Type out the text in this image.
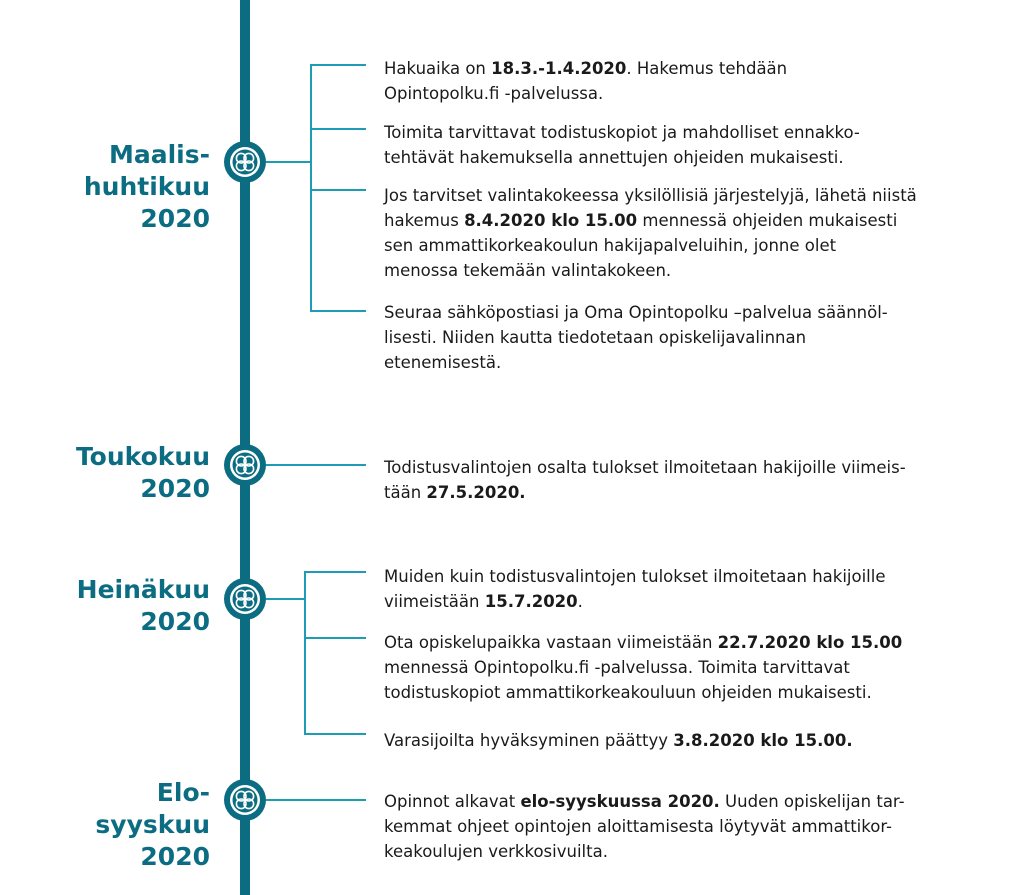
Maalis-
huhtikuu
2020
Hakuaika on 18.3.-1.4.2020. Hakemus tehdään
Opintopolku.fi -palvelussa.
Toimita tarvittavat todistuskopiot ja mahdolliset ennakko-
tehtävät hakemuksella annettujen ohjeiden mukaisesti.
Jos tarvitset valintakokeessa yksilöllisiä järjestelyjä, lähetä niistä
hakemus 8.4.2020 klo 15.00 mennessä ohjeiden mukaisesti
sen ammattikorkeakoulun hakijapalveluihin, jonne olet
menossa tekemään valintakokeen.
Seuraa sähköpostiasi ja Oma Opintopolku –palvelua säännöl-
lisesti. Niiden kautta tiedotetaan opiskelijavalinnan
etenemisestä.
Toukokuu
2020
Todistusvalintojen osalta tulokset ilmoitetaan hakijoille viimeis-
tään 27.5.2020.
Heinäkuu
2020
Muiden kuin todistusvalintojen tulokset ilmoitetaan hakijoille
viimeistään 15.7.2020.
Ota opiskelupaikka vastaan viimeistään 22.7.2020 klo 15.00
mennessä Opintopolku.fi -palvelussa. Toimita tarvittavat
todistuskopiot ammattikorkeakouluun ohjeiden mukaisesti.
Varasijoilta hyväksyminen päättyy 3.8.2020 klo 15.00.
Elo-
syyskuu
2020
Opinnot alkavat elo-syyskuussa 2020. Uuden opiskelijan tar-
kemmat ohjeet opintojen aloittamisesta löytyvät ammattikor-
keakoulujen verkkosivuilta.
